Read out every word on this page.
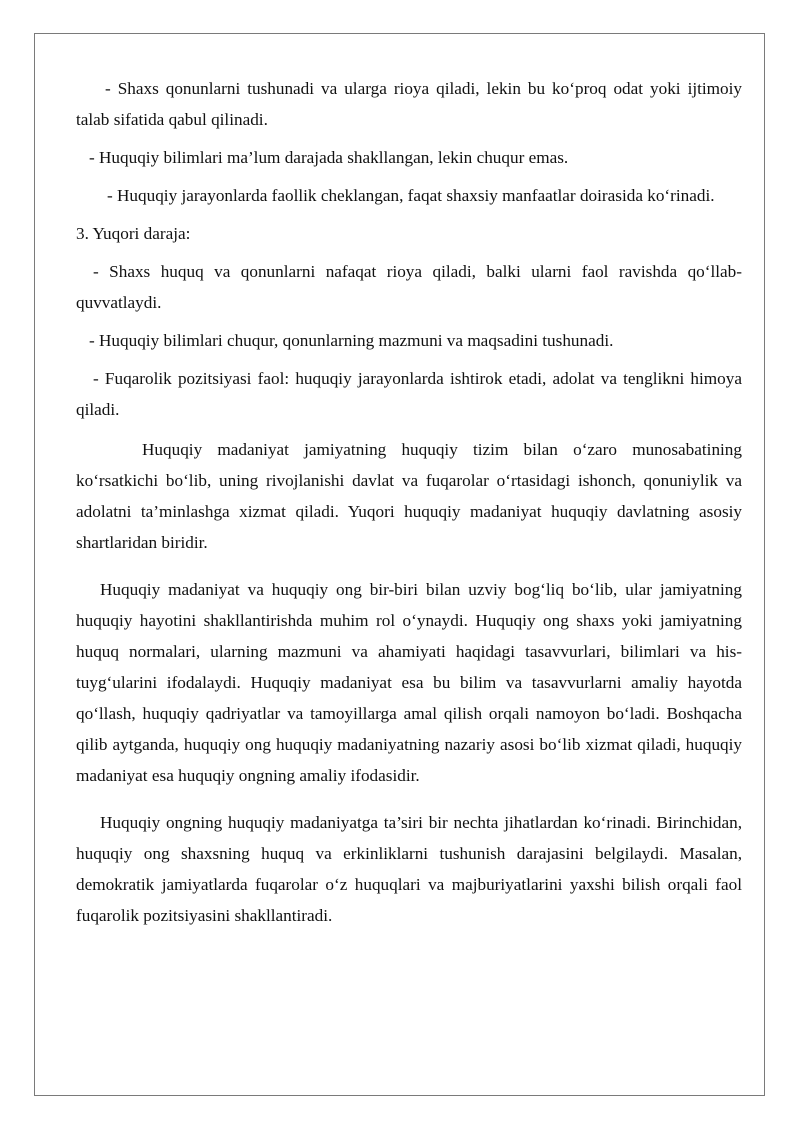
- Shaxs qonunlarni tushunadi va ularga rioya qiladi, lekin bu ko‘proq odat yoki ijtimoiy talab sifatida qabul qilinadi.

- Huquqiy bilimlari ma’lum darajada shakllangan, lekin chuqur emas.

- Huquqiy jarayonlarda faollik cheklangan, faqat shaxsiy manfaatlar doirasida ko‘rinadi.

3. Yuqori daraja:

- Shaxs huquq va qonunlarni nafaqat rioya qiladi, balki ularni faol ravishda qo‘llab-quvvatlaydi.

- Huquqiy bilimlari chuqur, qonunlarning mazmuni va maqsadini tushunadi.

- Fuqarolik pozitsiyasi faol: huquqiy jarayonlarda ishtirok etadi, adolat va tenglikni himoya qiladi.

Huquqiy madaniyat jamiyatning huquqiy tizim bilan o‘zaro munosabatining ko‘rsatkichi bo‘lib, uning rivojlanishi davlat va fuqarolar o‘rtasidagi ishonch, qonuniylik va adolatni ta’minlashga xizmat qiladi. Yuqori huquqiy madaniyat huquqiy davlatning asosiy shartlaridan biridir.

Huquqiy madaniyat va huquqiy ong bir-biri bilan uzviy bog‘liq bo‘lib, ular jamiyatning huquqiy hayotini shakllantirishda muhim rol o‘ynaydi. Huquqiy ong shaxs yoki jamiyatning huquq normalari, ularning mazmuni va ahamiyati haqidagi tasavvurlari, bilimlari va his-tuyg‘ularini ifodalaydi. Huquqiy madaniyat esa bu bilim va tasavvurlarni amaliy hayotda qo‘llash, huquqiy qadriyatlar va tamoyillarga amal qilish orqali namoyon bo‘ladi. Boshqacha qilib aytganda, huquqiy ong huquqiy madaniyatning nazariy asosi bo‘lib xizmat qiladi, huquqiy madaniyat esa huquqiy ongning amaliy ifodasidir.

Huquqiy ongning huquqiy madaniyatga ta’siri bir nechta jihatlardan ko‘rinadi. Birinchidan, huquqiy ong shaxsning huquq va erkinliklarni tushunish darajasini belgilaydi. Masalan, demokratik jamiyatlarda fuqarolar o‘z huquqlari va majburiyatlarini yaxshi bilish orqali faol fuqarolik pozitsiyasini shakllantiradi.
